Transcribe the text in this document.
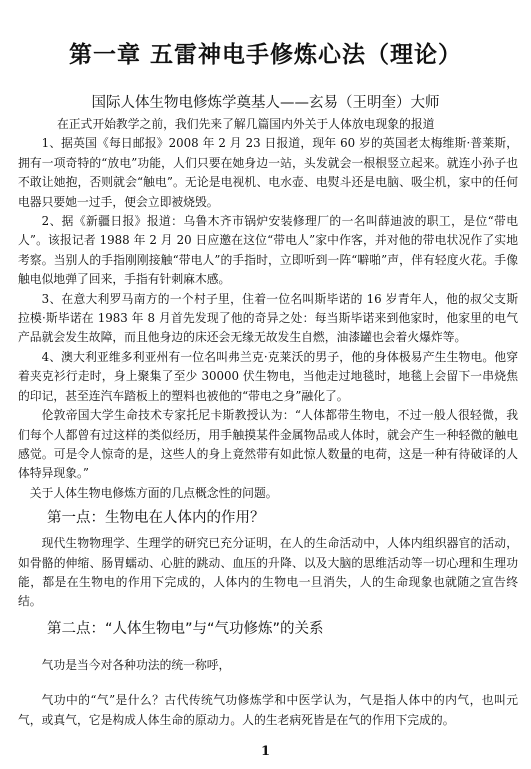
第一章 五雷神电手修炼心法（理论）
国际人体生物电修炼学奠基人——玄易（王明奎）大师

在正式开始教学之前，我们先来了解几篇国内外关于人体放电现象的报道

1、据英国《每日邮报》2008 年 2 月 23 日报道，现年 60 岁的英国老太梅维斯·普莱斯，拥有一项奇特的“放电”功能，人们只要在她身边一站，头发就会一根根竖立起来。就连小孙子也不敢让她抱，否则就会“触电”。无论是电视机、电水壶、电熨斗还是电脑、吸尘机，家中的任何电器只要她一过手，便会立即被烧毁。

2、据《新疆日报》报道：乌鲁木齐市锅炉安装修理厂的一名叫薛迪波的职工，是位“带电人”。该报记者 1988 年 2 月 20 日应邀在这位“带电人”家中作客，并对他的带电状况作了实地考察。当别人的手指刚刚接触“带电人”的手指时，立即听到一阵“噼啪”声，伴有轻度火花。手像触电似地弹了回来，手指有针刺麻木感。

3、在意大利罗马南方的一个村子里，住着一位名叫斯毕诺的 16 岁青年人，他的叔父支斯拉模·斯毕诺在 1983 年 8 月首先发现了他的奇异之处：每当斯毕诺来到他家时，他家里的电气产品就会发生故障，而且他身边的床还会无缘无故发生自燃，油漆罐也会着火爆炸等。

4、澳大利亚维多利亚州有一位名叫弗兰克·克莱沃的男子，他的身体极易产生生物电。他穿着夹克衫行走时，身上聚集了至少 30000 伏生物电，当他走过地毯时，地毯上会留下一串烧焦的印记，甚至连汽车踏板上的塑料也被他的“带电之身”融化了。

伦敦帝国大学生命技术专家托尼卡斯教授认为：“人体都带生物电，不过一般人很轻微，我们每个人都曾有过这样的类似经历，用手触摸某件金属物品或人体时，就会产生一种轻微的触电感觉。可是令人惊奇的是，这些人的身上竟然带有如此惊人数量的电荷，这是一种有待破译的人体特异现象。”

关于人体生物电修炼方面的几点概念性的问题。

第一点：生物电在人体内的作用？

现代生物物理学、生理学的研究已充分证明，在人的生命活动中，人体内组织器官的活动，如骨骼的伸缩、肠胃蠕动、心脏的跳动、血压的升降、以及大脑的思维活动等一切心理和生理功能，都是在生物电的作用下完成的，人体内的生物电一旦消失，人的生命现象也就随之宣告终结。

第二点：“人体生物电”与“气功修炼”的关系

气功是当今对各种功法的统一称呼，

气功中的“气”是什么？古代传统气功修炼学和中医学认为，气是指人体中的内气，也叫元气，或真气，它是构成人体生命的原动力。人的生老病死皆是在气的作用下完成的。

1
